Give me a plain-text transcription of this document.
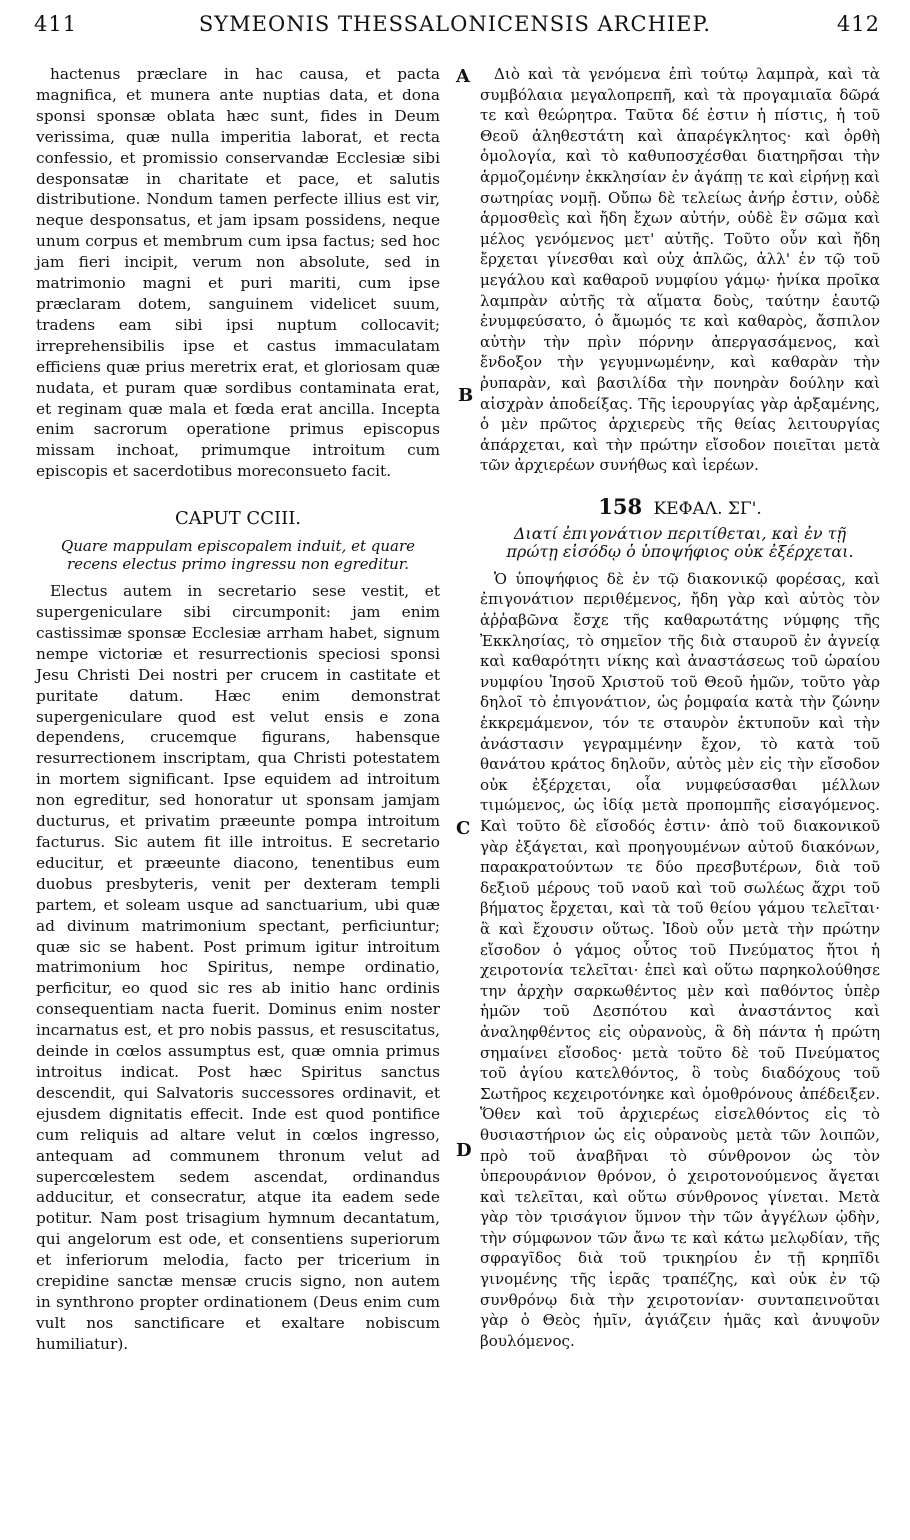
411	SYMEONIS THESSALONICENSIS ARCHIEP.	412
A
B
C
D

hactenus præclare in hac causa, et pacta magnifica, et munera ante nuptias data, et dona sponsi sponsæ oblata hæc sunt, fides in Deum verissima, quæ nulla imperitia laborat, et recta confessio, et promissio conservandæ Ecclesiæ sibi desponsatæ in charitate et pace, et salutis distributione. Nondum tamen perfecte illius est vir, neque desponsatus, et jam ipsam possidens, neque unum corpus et membrum cum ipsa factus; sed hoc jam fieri incipit, verum non absolute, sed in matrimonio magni et puri mariti, cum ipse præclaram dotem, sanguinem videlicet suum, tradens eam sibi ipsi nuptum collocavit; irreprehensibilis ipse et castus immaculatam efficiens quæ prius meretrix erat, et gloriosam quæ nudata, et puram quæ sordibus contaminata erat, et reginam quæ mala et fœda erat ancilla. Incepta enim sacrorum operatione primus episcopus missam inchoat, primumque introitum cum episcopis et sacerdotibus moreconsueto facit.

CAPUT CCIII.
Quare mappulam episcopalem induit, et quare recens electus primo ingressu non egreditur.

Electus autem in secretario sese vestit, et supergeniculare sibi circumponit: jam enim castissimæ sponsæ Ecclesiæ arrham habet, signum nempe victoriæ et resurrectionis speciosi sponsi Jesu Christi Dei nostri per crucem in castitate et puritate datum. Hæc enim demonstrat supergeniculare quod est velut ensis e zona dependens, crucemque figurans, habensque resurrectionem inscriptam, qua Christi potestatem in mortem significant. Ipse equidem ad introitum non egreditur, sed honoratur ut sponsam jamjam ducturus, et privatim præeunte pompa introitum facturus. Sic autem fit ille introitus. E secretario educitur, et præeunte diacono, tenentibus eum duobus presbyteris, venit per dexteram templi partem, et soleam usque ad sanctuarium, ubi quæ ad divinum matrimonium spectant, perficiuntur; quæ sic se habent. Post primum igitur introitum matrimonium hoc Spiritus, nempe ordinatio, perficitur, eo quod sic res ab initio hanc ordinis consequentiam nacta fuerit. Dominus enim noster incarnatus est, et pro nobis passus, et resuscitatus, deinde in cœlos assumptus est, quæ omnia primus introitus indicat. Post hæc Spiritus sanctus descendit, qui Salvatoris successores ordinavit, et ejusdem dignitatis effecit. Inde est quod pontifice cum reliquis ad altare velut in cœlos ingresso, antequam ad communem thronum velut ad supercœlestem sedem ascendat, ordinandus adducitur, et consecratur, atque ita eadem sede potitur. Nam post trisagium hymnum decantatum, qui angelorum est ode, et consentiens superiorum et inferiorum melodia, facto per tricerium in crepidine sanctæ mensæ crucis signo, non autem in synthrono propter ordinationem (Deus enim cum vult nos sanctificare et exaltare nobiscum humiliatur).

Διὸ καὶ τὰ γενόμενα ἐπὶ τούτῳ λαμπρὰ, καὶ τὰ συμβόλαια μεγαλοπρεπῆ, καὶ τὰ προγαμιαῖα δῶρά τε καὶ θεώρητρα. Ταῦτα δέ ἐστιν ἡ πίστις, ἡ τοῦ Θεοῦ ἀληθεστάτη καὶ ἀπαρέγκλητος· καὶ ὀρθὴ ὁμολογία, καὶ τὸ καθυποσχέσθαι διατηρῆσαι τὴν ἁρμοζομένην ἐκκλησίαν ἐν ἀγάπῃ τε καὶ εἰρήνῃ καὶ σωτηρίας νομῇ. Οὔπω δὲ τελείως ἀνήρ ἐστιν, οὐδὲ ἁρμοσθεὶς καὶ ἤδη ἔχων αὐτήν, οὐδὲ ἓν σῶμα καὶ μέλος γενόμενος μετ' αὐτῆς. Τοῦτο οὖν καὶ ἤδη ἔρχεται γίνεσθαι καὶ οὐχ ἁπλῶς, ἀλλ' ἐν τῷ τοῦ μεγάλου καὶ καθαροῦ νυμφίου γάμῳ· ἡνίκα προῖκα λαμπρὰν αὐτῆς τὰ αἵματα δοὺς, ταύτην ἑαυτῷ ἐνυμφεύσατο, ὁ ἄμωμός τε καὶ καθαρὸς, ἄσπιλον αὐτὴν τὴν πρὶν πόρνην ἀπεργασάμενος, καὶ ἔνδοξον τὴν γεγυμνωμένην, καὶ καθαρὰν τὴν ῥυπαρὰν, καὶ βασιλίδα τὴν πονηρὰν δούλην καὶ αἰσχρὰν ἀποδείξας. Τῆς ἱερουργίας γὰρ ἀρξαμένης, ὁ μὲν πρῶτος ἀρχιερεὺς τῆς θείας λειτουργίας ἀπάρχεται, καὶ τὴν πρώτην εἴσοδον ποιεῖται μετὰ τῶν ἀρχιερέων συνήθως καὶ ἱερέων.

158 ΚΕΦΑΛ. ΣΓ'.
Διατί ἐπιγονάτιον περιτίθεται, καὶ ἐν τῇ πρώτῃ εἰσόδῳ ὁ ὑποψήφιος οὐκ ἐξέρχεται.

Ὁ ὑποψήφιος δὲ ἐν τῷ διακονικῷ φορέσας, καὶ ἐπιγονάτιον περιθέμενος, ἤδη γὰρ καὶ αὐτὸς τὸν ἀῤῥαβῶνα ἔσχε τῆς καθαρωτάτης νύμφης τῆς Ἐκκλησίας, τὸ σημεῖον τῆς διὰ σταυροῦ ἐν ἁγνείᾳ καὶ καθαρότητι νίκης καὶ ἀναστάσεως τοῦ ὡραίου νυμφίου Ἰησοῦ Χριστοῦ τοῦ Θεοῦ ἡμῶν, τοῦτο γὰρ δηλοῖ τὸ ἐπιγονάτιον, ὡς ῥομφαία κατὰ τὴν ζώνην ἐκκρεμάμενον, τόν τε σταυρὸν ἐκτυποῦν καὶ τὴν ἀνάστασιν γεγραμμένην ἔχον, τὸ κατὰ τοῦ θανάτου κράτος δηλοῦν, αὐτὸς μὲν εἰς τὴν εἴσοδον οὐκ ἐξέρχεται, οἷα νυμφεύσασθαι μέλλων τιμώμενος, ὡς ἰδίᾳ μετὰ προπομπῆς εἰσαγόμενος. Καὶ τοῦτο δὲ εἴσοδός ἐστιν· ἀπὸ τοῦ διακονικοῦ γὰρ ἐξάγεται, καὶ προηγουμένων αὐτοῦ διακόνων, παρακρατούντων τε δύο πρεσβυτέρων, διὰ τοῦ δεξιοῦ μέρους τοῦ ναοῦ καὶ τοῦ σωλέως ἄχρι τοῦ βήματος ἔρχεται, καὶ τὰ τοῦ θείου γάμου τελεῖται· ἃ καὶ ἔχουσιν οὕτως. Ἰδοὺ οὖν μετὰ τὴν πρώτην εἴσοδον ὁ γάμος οὗτος τοῦ Πνεύματος ἤτοι ἡ χειροτονία τελεῖται· ἐπεὶ καὶ οὕτω παρηκολούθησε την ἀρχὴν σαρκωθέντος μὲν καὶ παθόντος ὑπὲρ ἡμῶν τοῦ Δεσπότου καὶ ἀναστάντος καὶ ἀναληφθέντος εἰς οὐρανοὺς, ἃ δὴ πάντα ἡ πρώτη σημαίνει εἴσοδος· μετὰ τοῦτο δὲ τοῦ Πνεύματος τοῦ ἁγίου κατελθόντος, ὃ τοὺς διαδόχους τοῦ Σωτῆρος κεχειροτόνηκε καὶ ὁμοθρόνους ἀπέδειξεν. Ὅθεν καὶ τοῦ ἀρχιερέως εἰσελθόντος εἰς τὸ θυσιαστήριον ὡς εἰς οὐρανοὺς μετὰ τῶν λοιπῶν, πρὸ τοῦ ἀναβῆναι τὸ σύνθρονον ὡς τὸν ὑπερουράνιον θρόνον, ὁ χειροτονούμενος ἄγεται καὶ τελεῖται, καὶ οὕτω σύνθρονος γίνεται. Μετὰ γὰρ τὸν τρισάγιον ὕμνον τὴν τῶν ἀγγέλων ᾠδὴν, τὴν σύμφωνον τῶν ἄνω τε καὶ κάτω μελῳδίαν, τῆς σφραγῖδος διὰ τοῦ τρικηρίου ἐν τῇ κρηπῖδι γινομένης τῆς ἱερᾶς τραπέζης, καὶ οὐκ ἐν τῷ συνθρόνῳ διὰ τὴν χειροτονίαν· συνταπεινοῦται γὰρ ὁ Θεὸς ἡμῖν, ἁγιάζειν ἡμᾶς καὶ ἀνυψοῦν βουλόμενος.
